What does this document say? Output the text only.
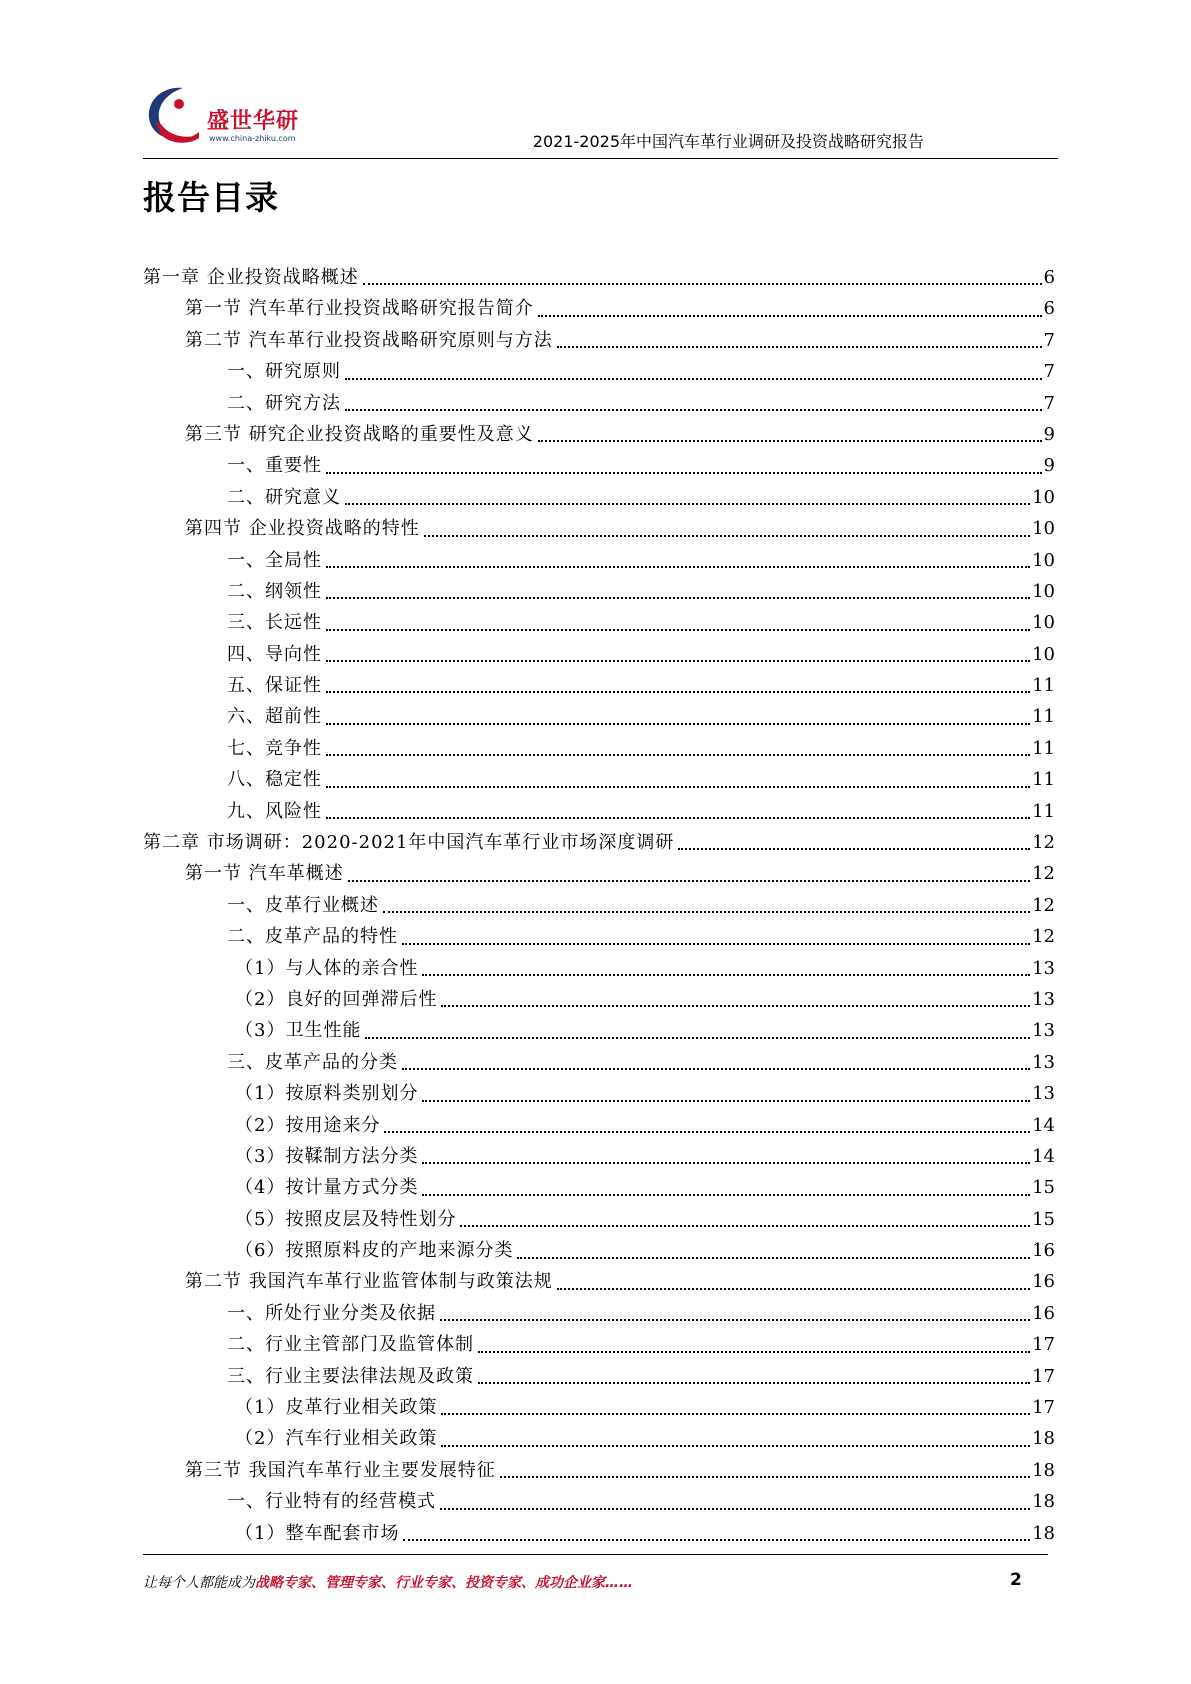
盛世华研
www.china-zhiku.com	2021-2025年中国汽车革行业调研及投资战略研究报告
报告目录
第一章 企业投资战略概述	6
第一节 汽车革行业投资战略研究报告简介	6
第二节 汽车革行业投资战略研究原则与方法	7
一、研究原则	7
二、研究方法	7
第三节 研究企业投资战略的重要性及意义	9
一、重要性	9
二、研究意义	10
第四节 企业投资战略的特性	10
一、全局性	10
二、纲领性	10
三、长远性	10
四、导向性	10
五、保证性	11
六、超前性	11
七、竞争性	11
八、稳定性	11
九、风险性	11
第二章 市场调研：2020-2021年中国汽车革行业市场深度调研	12
第一节 汽车革概述	12
一、皮革行业概述	12
二、皮革产品的特性	12
（1）与人体的亲合性	13
（2）良好的回弹滞后性	13
（3）卫生性能	13
三、皮革产品的分类	13
（1）按原料类别划分	13
（2）按用途来分	14
（3）按鞣制方法分类	14
（4）按计量方式分类	15
（5）按照皮层及特性划分	15
（6）按照原料皮的产地来源分类	16
第二节 我国汽车革行业监管体制与政策法规	16
一、所处行业分类及依据	16
二、行业主管部门及监管体制	17
三、行业主要法律法规及政策	17
（1）皮革行业相关政策	17
（2）汽车行业相关政策	18
第三节 我国汽车革行业主要发展特征	18
一、行业特有的经营模式	18
（1）整车配套市场	18
让每个人都能成为战略专家、管理专家、行业专家、投资专家、成功企业家……	2
